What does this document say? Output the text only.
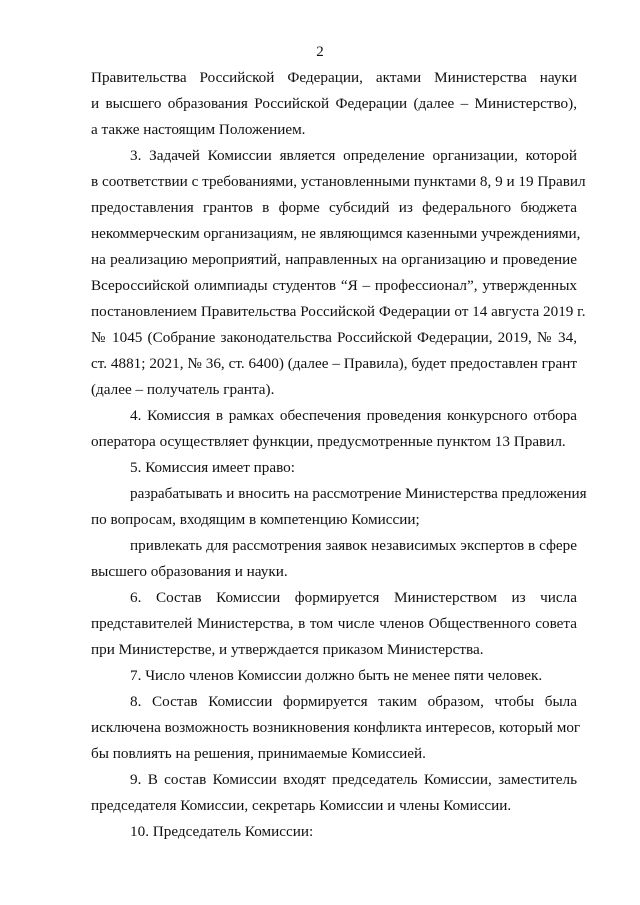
2
Правительства Российской Федерации, актами Министерства науки
и высшего образования Российской Федерации (далее – Министерство),
а также настоящим Положением.
3. Задачей Комиссии является определение организации, которой
в соответствии с требованиями, установленными пунктами 8, 9 и 19 Правил
предоставления грантов в форме субсидий из федерального бюджета
некоммерческим организациям, не являющимся казенными учреждениями,
на реализацию мероприятий, направленных на организацию и проведение
Всероссийской олимпиады студентов “Я – профессионал”, утвержденных
постановлением Правительства Российской Федерации от 14 августа 2019 г.
№ 1045 (Собрание законодательства Российской Федерации, 2019, № 34,
ст. 4881; 2021, № 36, ст. 6400) (далее – Правила), будет предоставлен грант
(далее – получатель гранта).
4. Комиссия в рамках обеспечения проведения конкурсного отбора
оператора осуществляет функции, предусмотренные пунктом 13 Правил.
5. Комиссия имеет право:
разрабатывать и вносить на рассмотрение Министерства предложения
по вопросам, входящим в компетенцию Комиссии;
привлекать для рассмотрения заявок независимых экспертов в сфере
высшего образования и науки.
6. Состав Комиссии формируется Министерством из числа
представителей Министерства, в том числе членов Общественного совета
при Министерстве, и утверждается приказом Министерства.
7. Число членов Комиссии должно быть не менее пяти человек.
8. Состав Комиссии формируется таким образом, чтобы была
исключена возможность возникновения конфликта интересов, который мог
бы повлиять на решения, принимаемые Комиссией.
9. В состав Комиссии входят председатель Комиссии, заместитель
председателя Комиссии, секретарь Комиссии и члены Комиссии.
10. Председатель Комиссии:
